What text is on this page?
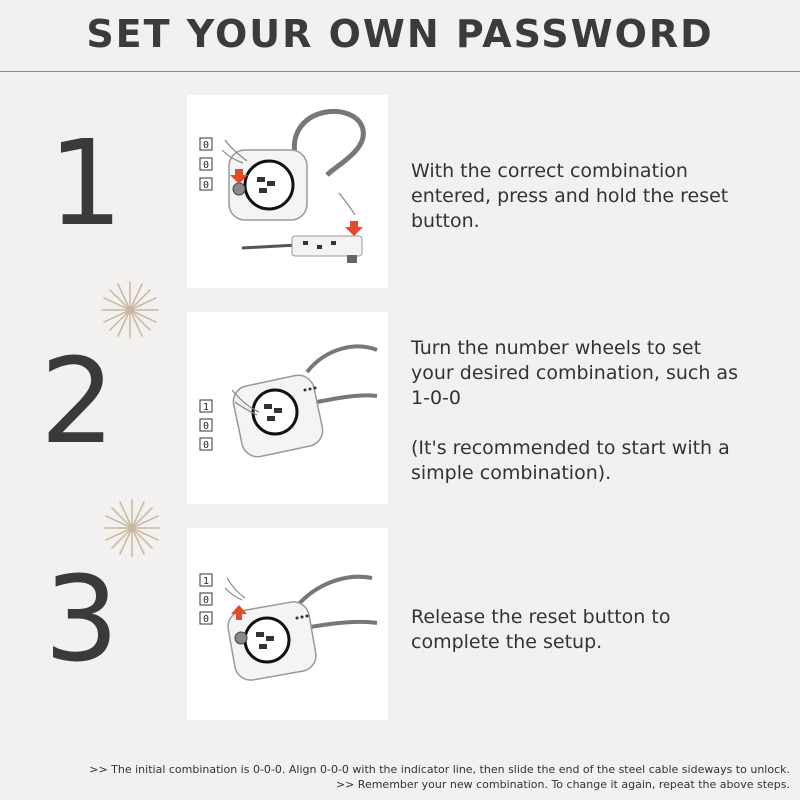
SET YOUR OWN PASSWORD
1	0
0
0

With the correct combination

entered, press and hold the reset

button.

2	1
0
0

Turn the number wheels to set

your desired combination, such as

1-0-0

(It's recommended to start with a

simple combination).

3	1
0
0	Release the reset button to

complete the setup.

>> The initial combination is 0-0-0. Align 0-0-0 with the indicator line, then slide the end of the steel cable sideways to unlock.
>> Remember your new combination. To change it again, repeat the above steps.
